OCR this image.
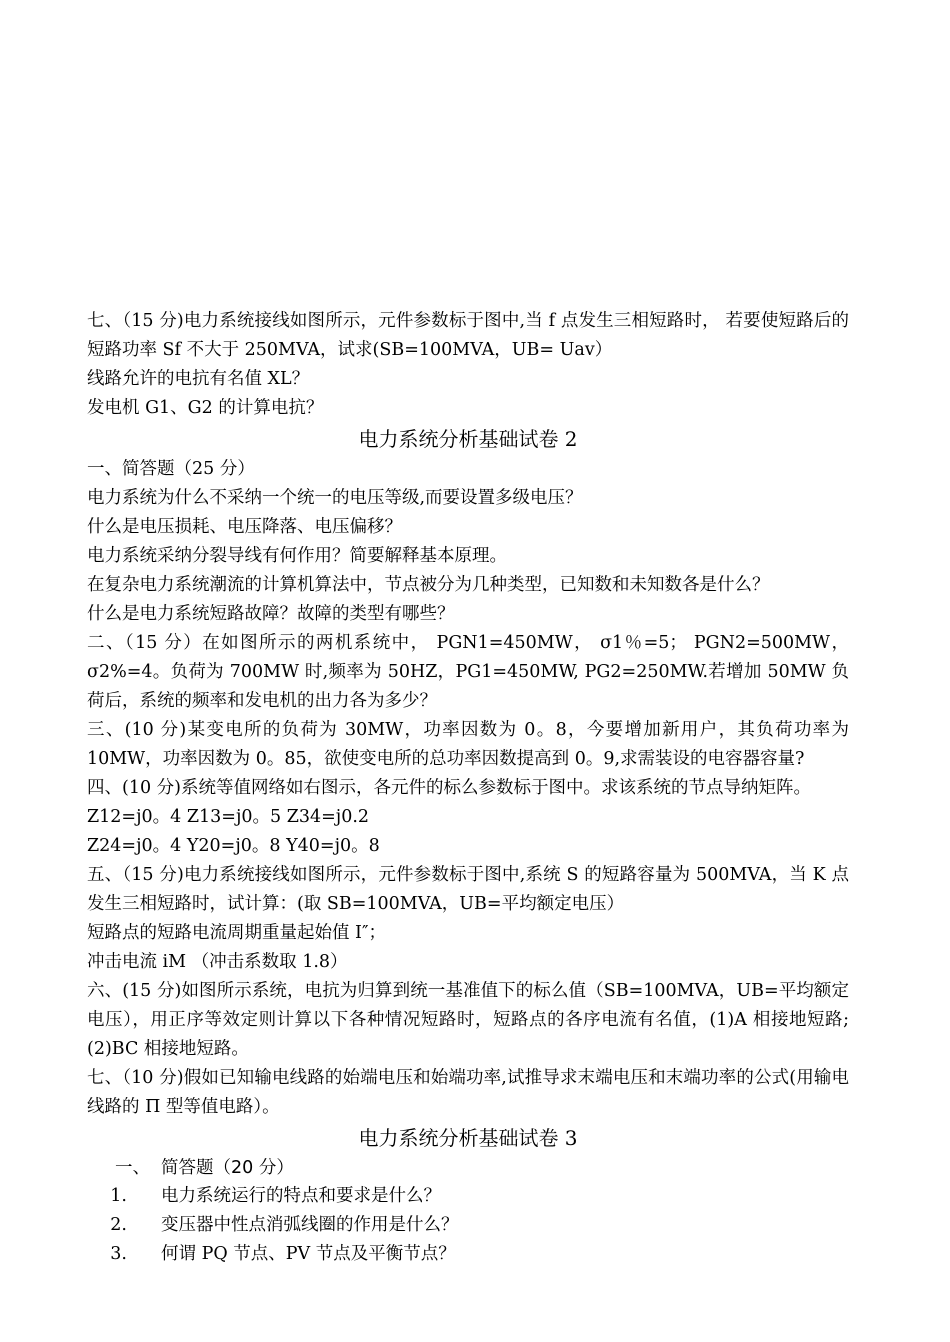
七、（15 分)电力系统接线如图所示，元件参数标于图中,当 f 点发生三相短路时， 若要使短路后的短路功率 Sf 不大于 250MVA，试求(SB=100MVA，UB= Uav）
线路允许的电抗有名值 XL？
发电机 G1、G2 的计算电抗？
电力系统分析基础试卷 2
一、简答题（25 分）
电力系统为什么不采纳一个统一的电压等级,而要设置多级电压？
什么是电压损耗、电压降落、电压偏移？
电力系统采纳分裂导线有何作用？简要解释基本原理。
在复杂电力系统潮流的计算机算法中，节点被分为几种类型，已知数和未知数各是什么？
什么是电力系统短路故障？故障的类型有哪些？
二、（15 分）在如图所示的两机系统中， PGN1=450MW， σ1％=5； PGN2=500MW，σ2%=4。负荷为 700MW 时,频率为 50HZ，PG1=450MW, PG2=250MW.若增加 50MW 负荷后，系统的频率和发电机的出力各为多少？
三、(10 分)某变电所的负荷为 30MW，功率因数为 0。8，今要增加新用户，其负荷功率为 10MW，功率因数为 0。85，欲使变电所的总功率因数提高到 0。9,求需装设的电容器容量?
四、(10 分)系统等值网络如右图示，各元件的标么参数标于图中。求该系统的节点导纳矩阵。
Z12=j0。4 Z13=j0。5 Z34=j0.2
Z24=j0。4 Y20=j0。8 Y40=j0。8
五、（15 分)电力系统接线如图所示，元件参数标于图中,系统 S 的短路容量为 500MVA，当 K 点发生三相短路时，试计算：(取 SB=100MVA，UB=平均额定电压）
短路点的短路电流周期重量起始值 I″；
冲击电流 iM （冲击系数取 1.8）
六、(15 分)如图所示系统，电抗为归算到统一基准值下的标么值（SB=100MVA，UB=平均额定电压），用正序等效定则计算以下各种情况短路时，短路点的各序电流有名值，(1)A 相接地短路; (2)BC 相接地短路。
七、（10 分)假如已知输电线路的始端电压和始端功率,试推导求末端电压和末端功率的公式(用输电线路的 Π 型等值电路）。
电力系统分析基础试卷 3
一、 简答题（20 分）
1. 电力系统运行的特点和要求是什么？
2. 变压器中性点消弧线圈的作用是什么？
3. 何谓 PQ 节点、PV 节点及平衡节点？
